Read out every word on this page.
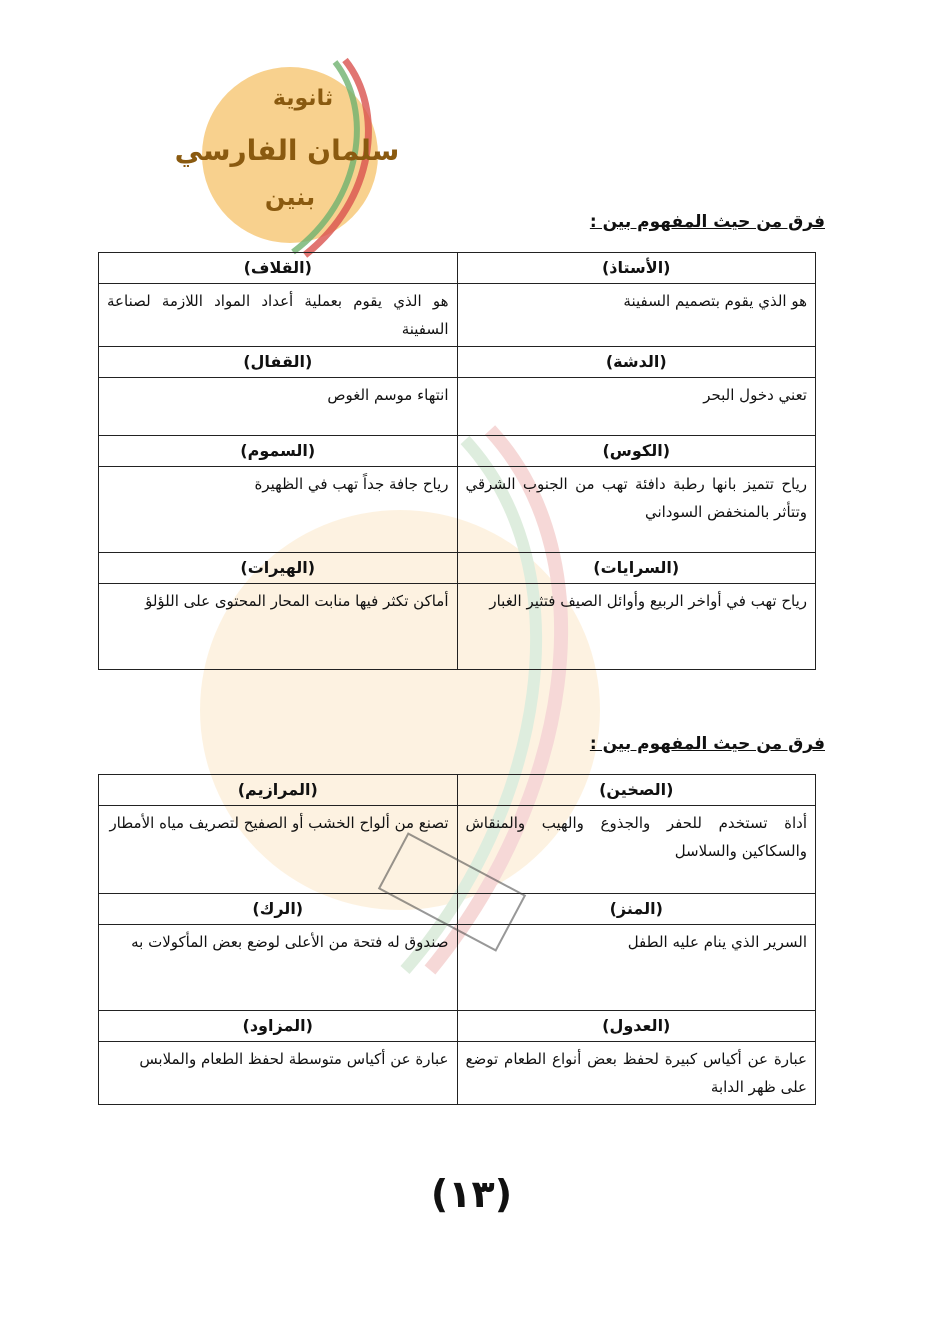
ثانوية
سلمان الفارسي
بنين
فرق من حيث المفهوم بين :
(الأستاذ)	(القلاف)
هو الذي يقوم بتصميم السفينة	هو الذي يقوم بعملية أعداد المواد اللازمة لصناعة السفينة
(الدشة)	(القفال)
تعني دخول البحر	انتهاء موسم الغوص
(الكوس)	(السموم)
رياح تتميز بانها رطبة دافئة تهب من الجنوب الشرقي وتتأثر بالمنخفض السوداني	رياح جافة جداً تهب في الظهيرة
(السرايات)	(الهيرات)
رياح تهب في أواخر الربيع وأوائل الصيف فتثير الغبار	أماكن تكثر فيها منابت المحار المحتوى على اللؤلؤ
فرق من حيث المفهوم بين :
(الصخين)	(المرازيم)
أداة تستخدم للحفر والجذوع والهيب والمنقاش والسكاكين والسلاسل	تصنع من ألواح الخشب أو الصفيح لتصريف مياه الأمطار
(المنز)	(الرك)
السرير الذي ينام عليه الطفل	صندوق له فتحة من الأعلى لوضع بعض المأكولات به
(العدول)	(المزاود)
عبارة عن أكياس كبيرة لحفظ بعض أنواع الطعام توضع على ظهر الدابة	عبارة عن أكياس متوسطة لحفظ الطعام والملابس
(١٣)
